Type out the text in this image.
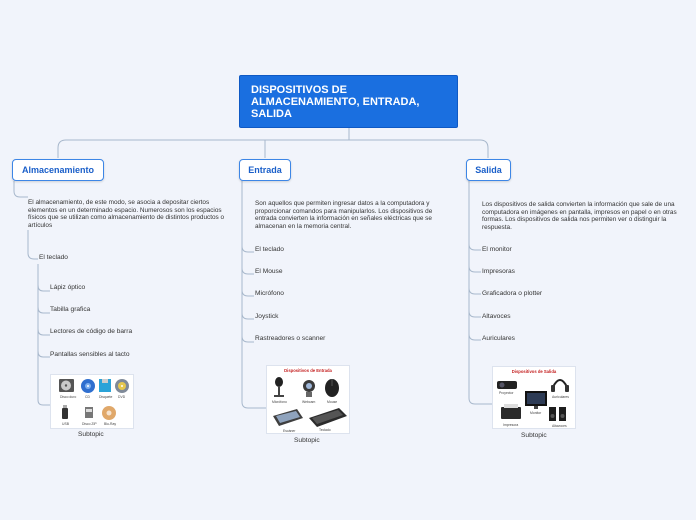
DISPOSITIVOS DE ALMACENAMIENTO, ENTRADA, SALIDA
Almacenamiento
El almacenamiento, de este modo, se asocia a depositar ciertos elementos en un determinado espacio. Numerosos son los espacios físicos que se utilizan como almacenamiento de distintos productos o artículos
El teclado
Lápiz óptico
Tabilla grafica
Lectores de código de barra
Pantallas sensibles al tacto
Disco duro	CD	Disquete DVD
USB	Disco ZIP Blu-Ray
Subtopic
Entrada
Son aquellos que permiten ingresar datos a la computadora y proporcionar comandos para manipularlos. Los dispositivos de entrada convierten la información en señales eléctricas que se almacenan en la memoria central.
El teclado
El Mouse
Micrófono
Joystick
Rastreadores o scanner
Dispositivos de Entrada
Micrófono	Webcam	Mouse
Escáner	Teclado
Subtopic
Salida
Los dispositivos de salida convierten la información que sale de una computadora en imágenes en pantalla, impresos en papel o en otras formas. Los dispositivos de salida nos permiten ver o distinguir la respuesta.
El monitor
Impresoras
Graficadora o plotter
Altavoces
Auriculares
Dispositivos de Salida
Proyector
Auriculares
Monitor
Impresora	Altavoces
Subtopic
